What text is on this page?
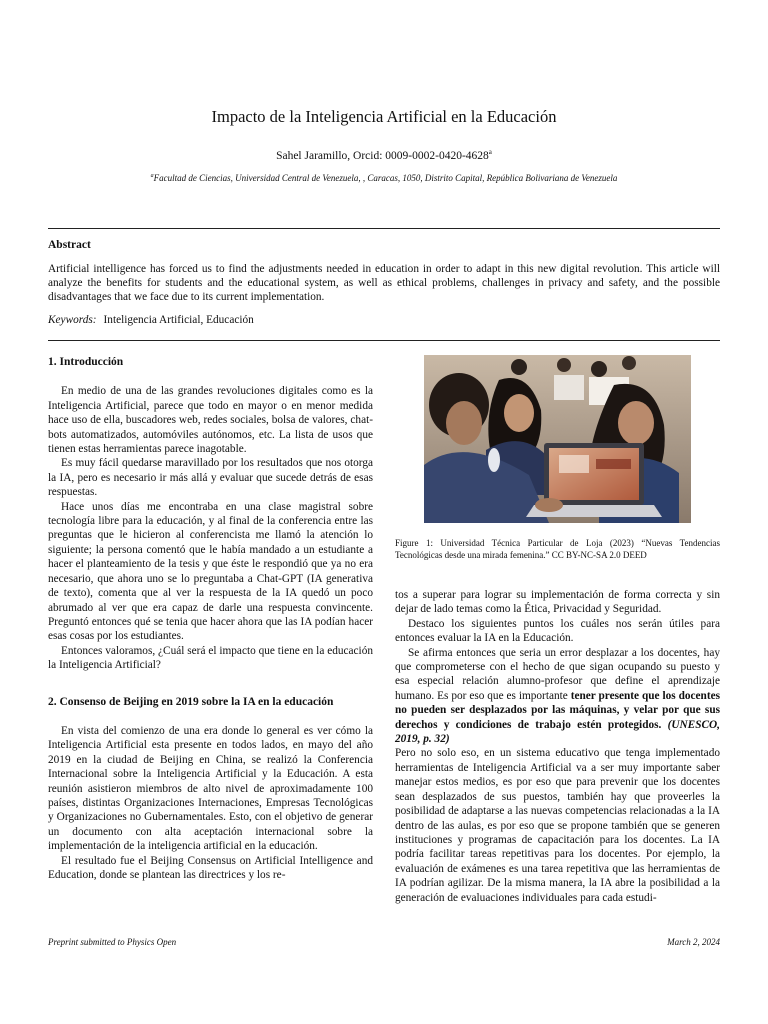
Impacto de la Inteligencia Artificial en la Educación
Sahel Jaramillo, Orcid: 0009-0002-0420-4628$^a$
$^a$Facultad de Ciencias, Universidad Central de Venezuela, , Caracas, 1050, Distrito Capital, República Bolivariana de Venezuela
Abstract
Artificial intelligence has forced us to find the adjustments needed in education in order to adapt in this new digital revolution. This article will analyze the benefits for students and the educational system, as well as ethical problems, challenges in privacy and safety, and the possible disadvantages that we face due to its current implementation.
Keywords: Inteligencia Artificial, Educación
1. Introducción

En medio de una de las grandes revoluciones digitales como es la Inteligencia Artificial, parece que todo en mayor o en menor medida hace uso de ella, buscadores web, redes sociales, bolsa de valores, chat-bots automatizados, automóviles autónomos, etc. La lista de usos que tienen estas herramientas parece inagotable.

Es muy fácil quedarse maravillado por los resultados que nos otorga la IA, pero es necesario ir más allá y evaluar que sucede detrás de esas respuestas.

Hace unos días me encontraba en una clase magistral sobre tecnología libre para la educación, y al final de la conferencia entre las preguntas que le hicieron al conferencista me llamó la atención lo siguiente; la persona comentó que le había mandado a un estudiante a hacer el planteamiento de la tesis y que éste le respondió que ya no era necesario, que ahora uno se lo preguntaba a Chat-GPT (IA generativa de texto), comenta que al ver la respuesta de la IA quedó un poco abrumado al ver que era capaz de darle una respuesta convincente. Preguntó entonces qué se tenia que hacer ahora que las IA podían hacer esas cosas por los estudiantes.

Entonces valoramos, ¿Cuál será el impacto que tiene en la educación la Inteligencia Artificial?

2. Consenso de Beijing en 2019 sobre la IA en la educación

En vista del comienzo de una era donde lo general es ver cómo la Inteligencia Artificial esta presente en todos lados, en mayo del año 2019 en la ciudad de Beijing en China, se realizó la Conferencia Internacional sobre la Inteligencia Artificial y la Educación. A esta reunión asistieron miembros de alto nivel de aproximadamente 100 países, distintas Organizaciones Internaciones, Empresas Tecnológicas y Organizaciones no Gubernamentales. Esto, con el objetivo de generar un documento con alta aceptación internacional sobre la implementación de la inteligencia artificial en la educación.

El resultado fue el Beijing Consensus on Artificial Intelligence and Education, donde se plantean las directrices y los re-

Figure 1: Universidad Técnica Particular de Loja (2023) “Nuevas Tendencias Tecnológicas desde una mirada femenina.” CC BY-NC-SA 2.0 DEED

tos a superar para lograr su implementación de forma correcta y sin dejar de lado temas como la Ética, Privacidad y Seguridad.

Destaco los siguientes puntos los cuáles nos serán útiles para entonces evaluar la IA en la Educación.

Se afirma entonces que seria un error desplazar a los docentes, hay que comprometerse con el hecho de que sigan ocupando su puesto y esa especial relación alumno-profesor que define el aprendizaje humano. Es por eso que es importante tener presente que los docentes no pueden ser desplazados por las máquinas, y velar por que sus derechos y condiciones de trabajo estén protegidos. (UNESCO, 2019, p. 32)

Pero no solo eso, en un sistema educativo que tenga implementado herramientas de Inteligencia Artificial va a ser muy importante saber manejar estos medios, es por eso que para prevenir que los docentes sean desplazados de sus puestos, también hay que proveerles la posibilidad de adaptarse a las nuevas competencias relacionadas a la IA dentro de las aulas, es por eso que se propone también que se generen instituciones y programas de capacitación para los docentes. La IA podría facilitar tareas repetitivas para los docentes. Por ejemplo, la evaluación de exámenes es una tarea repetitiva que las herramientas de IA podrían agilizar. De la misma manera, la IA abre la posibilidad a la generación de evaluaciones individuales para cada estudi-

Preprint submitted to Physics Open	March 2, 2024
